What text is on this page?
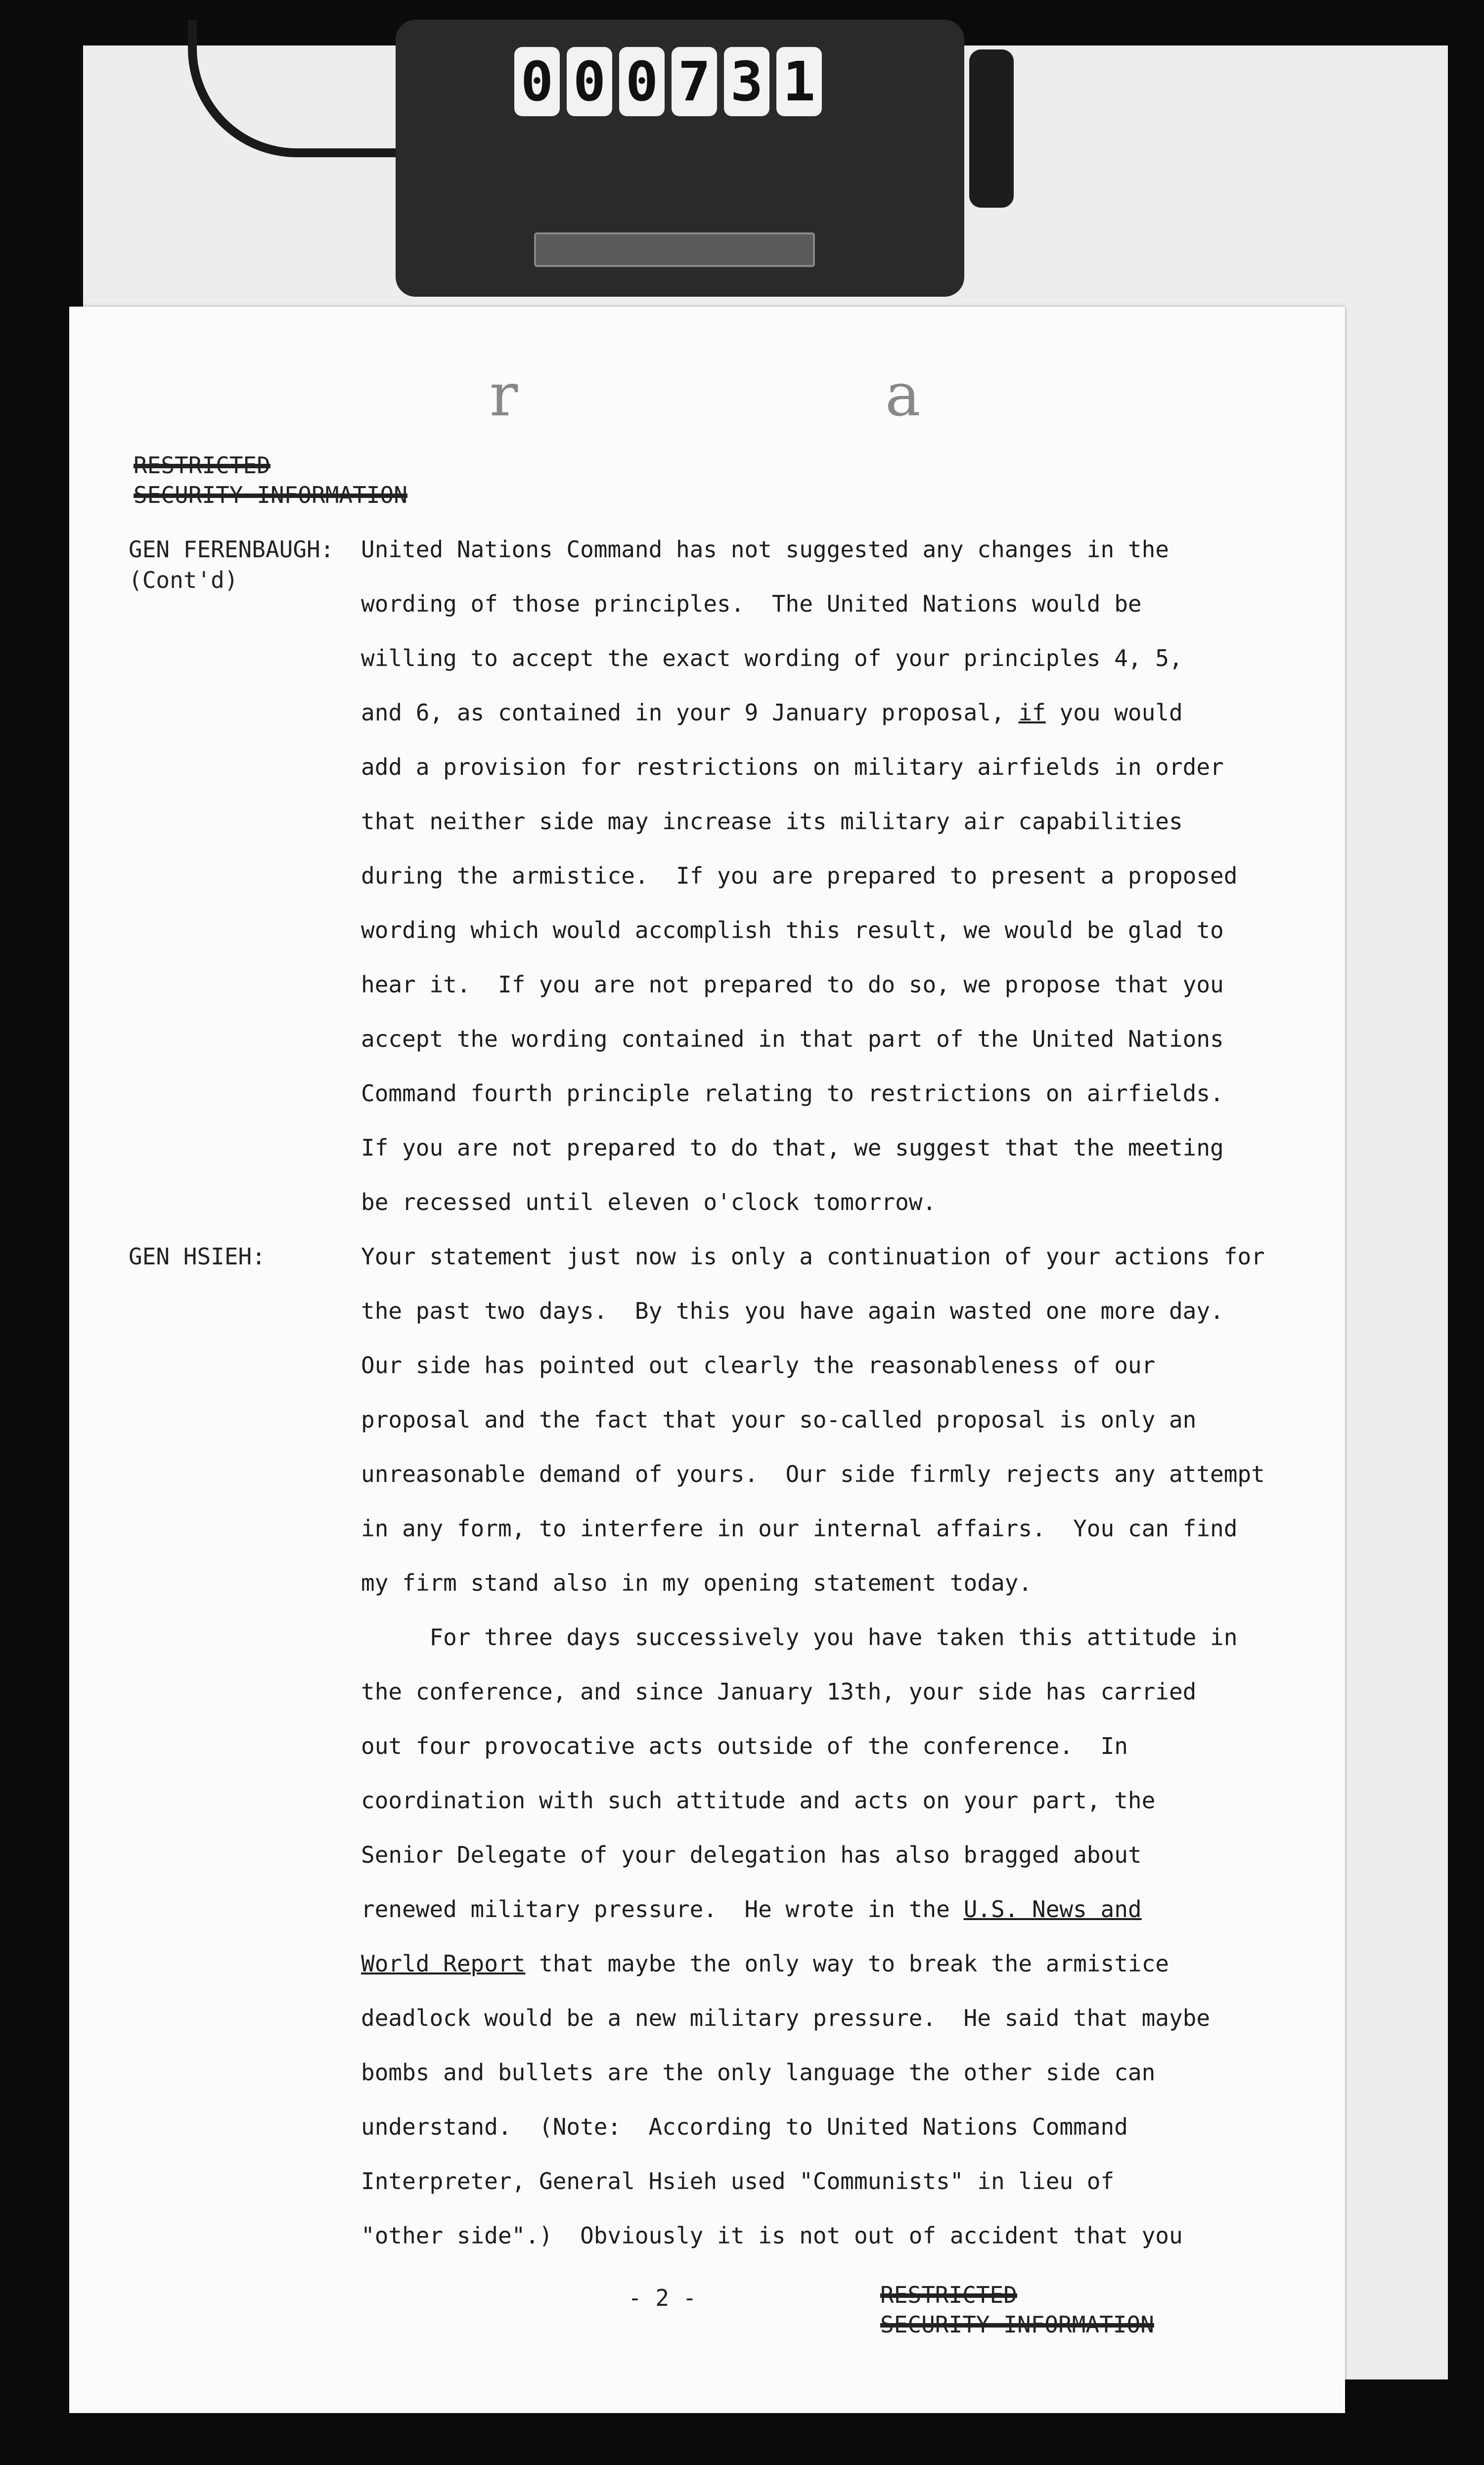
0 0 0 7 3 1
r	a
RESTRICTED
SECURITY INFORMATION
GEN FERENBAUGH:
(Cont'd)
United Nations Command has not suggested any changes in the
wording of those principles.  The United Nations would be
willing to accept the exact wording of your principles 4, 5,
and 6, as contained in your 9 January proposal, if you would
add a provision for restrictions on military airfields in order
that neither side may increase its military air capabilities
during the armistice.  If you are prepared to present a proposed
wording which would accomplish this result, we would be glad to
hear it.  If you are not prepared to do so, we propose that you
accept the wording contained in that part of the United Nations
Command fourth principle relating to restrictions on airfields.
If you are not prepared to do that, we suggest that the meeting
be recessed until eleven o'clock tomorrow.
GEN HSIEH:	Your statement just now is only a continuation of your actions for
the past two days.  By this you have again wasted one more day.
Our side has pointed out clearly the reasonableness of our
proposal and the fact that your so-called proposal is only an
unreasonable demand of yours.  Our side firmly rejects any attempt
in any form, to interfere in our internal affairs.  You can find
my firm stand also in my opening statement today.
For three days successively you have taken this attitude in
the conference, and since January 13th, your side has carried
out four provocative acts outside of the conference.  In
coordination with such attitude and acts on your part, the
Senior Delegate of your delegation has also bragged about
renewed military pressure.  He wrote in the U.S. News and
World Report that maybe the only way to break the armistice
deadlock would be a new military pressure.  He said that maybe
bombs and bullets are the only language the other side can
understand.  (Note:  According to United Nations Command
Interpreter, General Hsieh used "Communists" in lieu of
"other side".)  Obviously it is not out of accident that you
- 2 -	RESTRICTED
SECURITY INFORMATION
